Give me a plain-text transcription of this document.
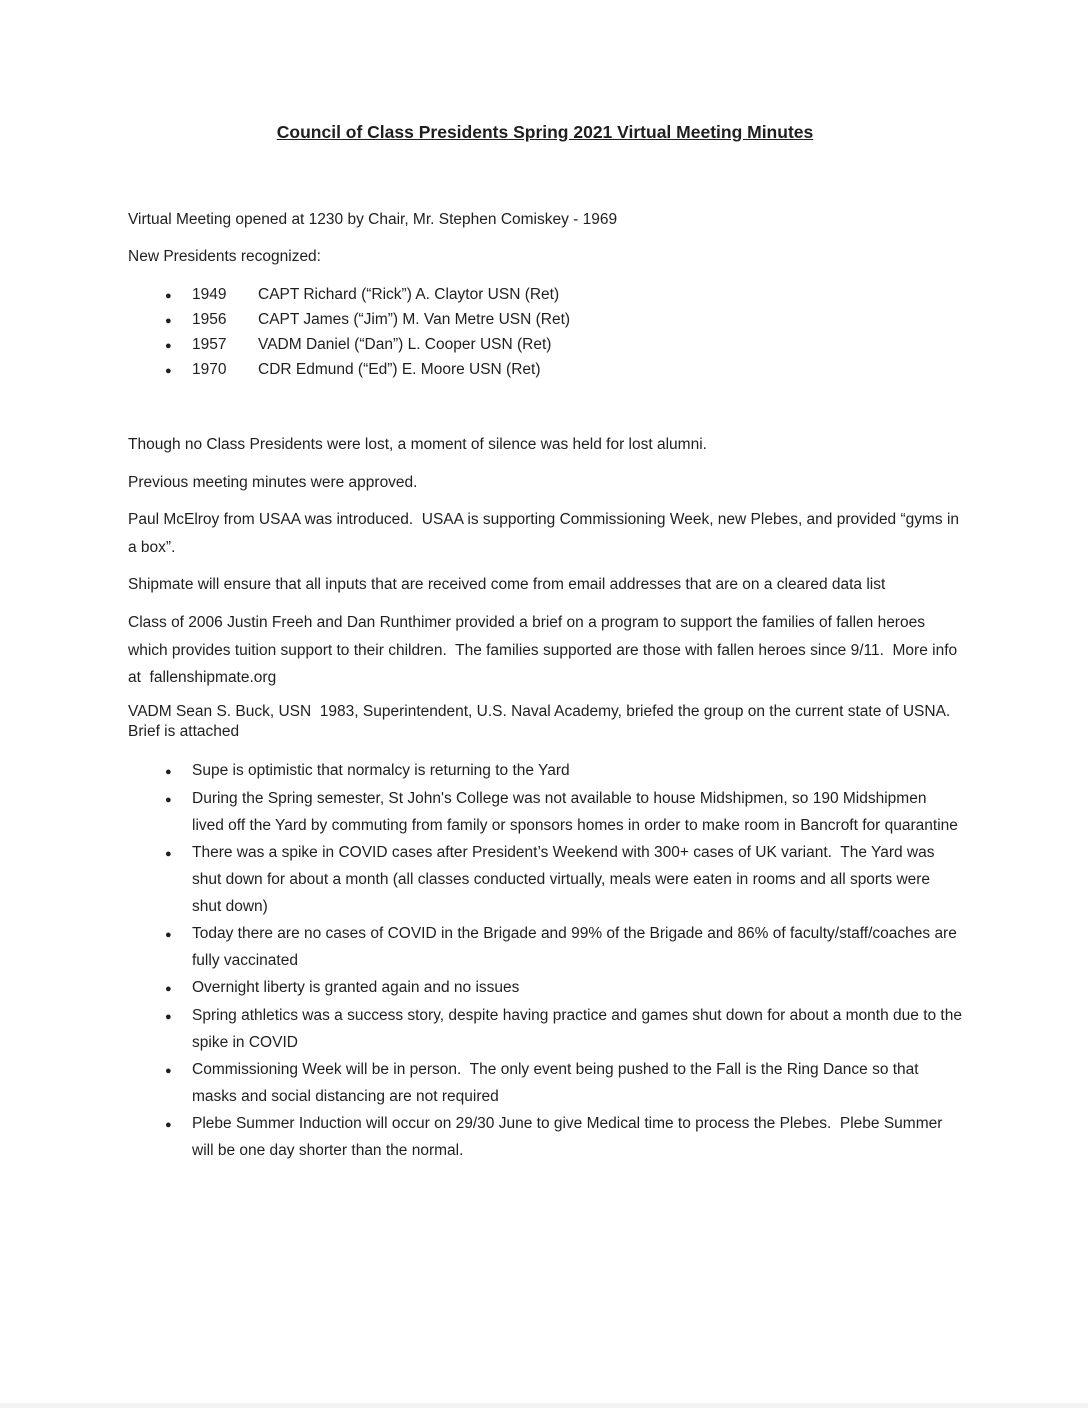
Council of Class Presidents Spring 2021 Virtual Meeting Minutes

Virtual Meeting opened at 1230 by Chair, Mr. Stephen Comiskey - 1969

New Presidents recognized:

●	1949	CAPT Richard (“Rick”) A. Claytor USN (Ret)
●	1956	CAPT James (“Jim”) M. Van Metre USN (Ret)
●	1957	VADM Daniel (“Dan”) L. Cooper USN (Ret)
●	1970	CDR Edmund (“Ed”) E. Moore USN (Ret)

Though no Class Presidents were lost, a moment of silence was held for lost alumni.

Previous meeting minutes were approved.

Paul McElroy from USAA was introduced.  USAA is supporting Commissioning Week, new Plebes, and provided “gyms in a box”.

Shipmate will ensure that all inputs that are received come from email addresses that are on a cleared data list

Class of 2006 Justin Freeh and Dan Runthimer provided a brief on a program to support the families of fallen heroes which provides tuition support to their children.  The families supported are those with fallen heroes since 9/11.  More info at  fallenshipmate.org

VADM Sean S. Buck, USN  1983, Superintendent, U.S. Naval Academy, briefed the group on the current state of USNA.  Brief is attached

●	Supe is optimistic that normalcy is returning to the Yard
●	During the Spring semester, St John's College was not available to house Midshipmen, so 190 Midshipmen lived off the Yard by commuting from family or sponsors homes in order to make room in Bancroft for quarantine
●	There was a spike in COVID cases after President’s Weekend with 300+ cases of UK variant.  The Yard was shut down for about a month (all classes conducted virtually, meals were eaten in rooms and all sports were shut down)
●	Today there are no cases of COVID in the Brigade and 99% of the Brigade and 86% of faculty/staff/coaches are fully vaccinated
●	Overnight liberty is granted again and no issues
●	Spring athletics was a success story, despite having practice and games shut down for about a month due to the spike in COVID
●	Commissioning Week will be in person.  The only event being pushed to the Fall is the Ring Dance so that masks and social distancing are not required
●	Plebe Summer Induction will occur on 29/30 June to give Medical time to process the Plebes.  Plebe Summer will be one day shorter than the normal.
